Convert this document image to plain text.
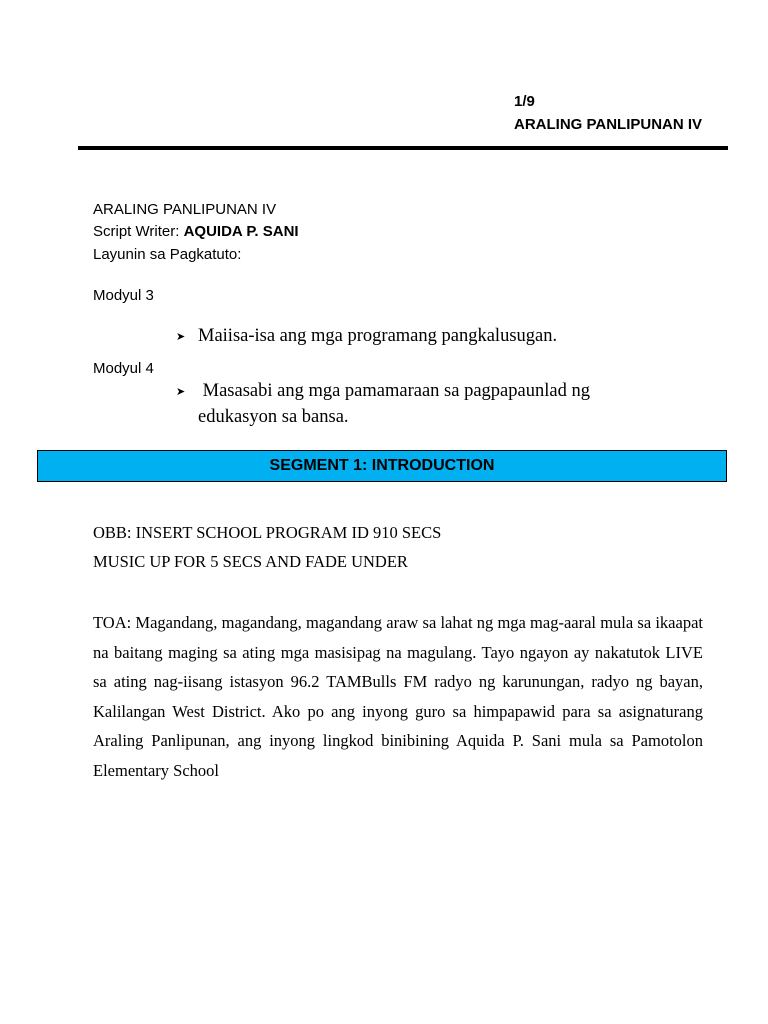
1/9
ARALING PANLIPUNAN IV
ARALING PANLIPUNAN IV
Script Writer: AQUIDA P. SANI
Layunin sa Pagkatuto:
Modyul 3
➤ Maiisa-isa ang mga programang pangkalusugan.
Modyul 4
➤ Masasabi ang mga pamamaraan sa pagpapaunlad ng
edukasyon sa bansa.
SEGMENT 1: INTRODUCTION
OBB: INSERT SCHOOL PROGRAM ID 910 SECS
MUSIC UP FOR 5 SECS AND FADE UNDER
TOA: Magandang, magandang, magandang araw sa lahat ng mga mag-aaral mula sa ikaapat na baitang maging sa ating mga masisipag na magulang. Tayo ngayon ay nakatutok LIVE sa ating nag-iisang istasyon 96.2 TAMBulls FM radyo ng karunungan, radyo ng bayan, Kalilangan West District. Ako po ang inyong guro sa himpapawid para sa asignaturang Araling Panlipunan, ang inyong lingkod binibining Aquida P. Sani mula sa Pamotolon Elementary School
